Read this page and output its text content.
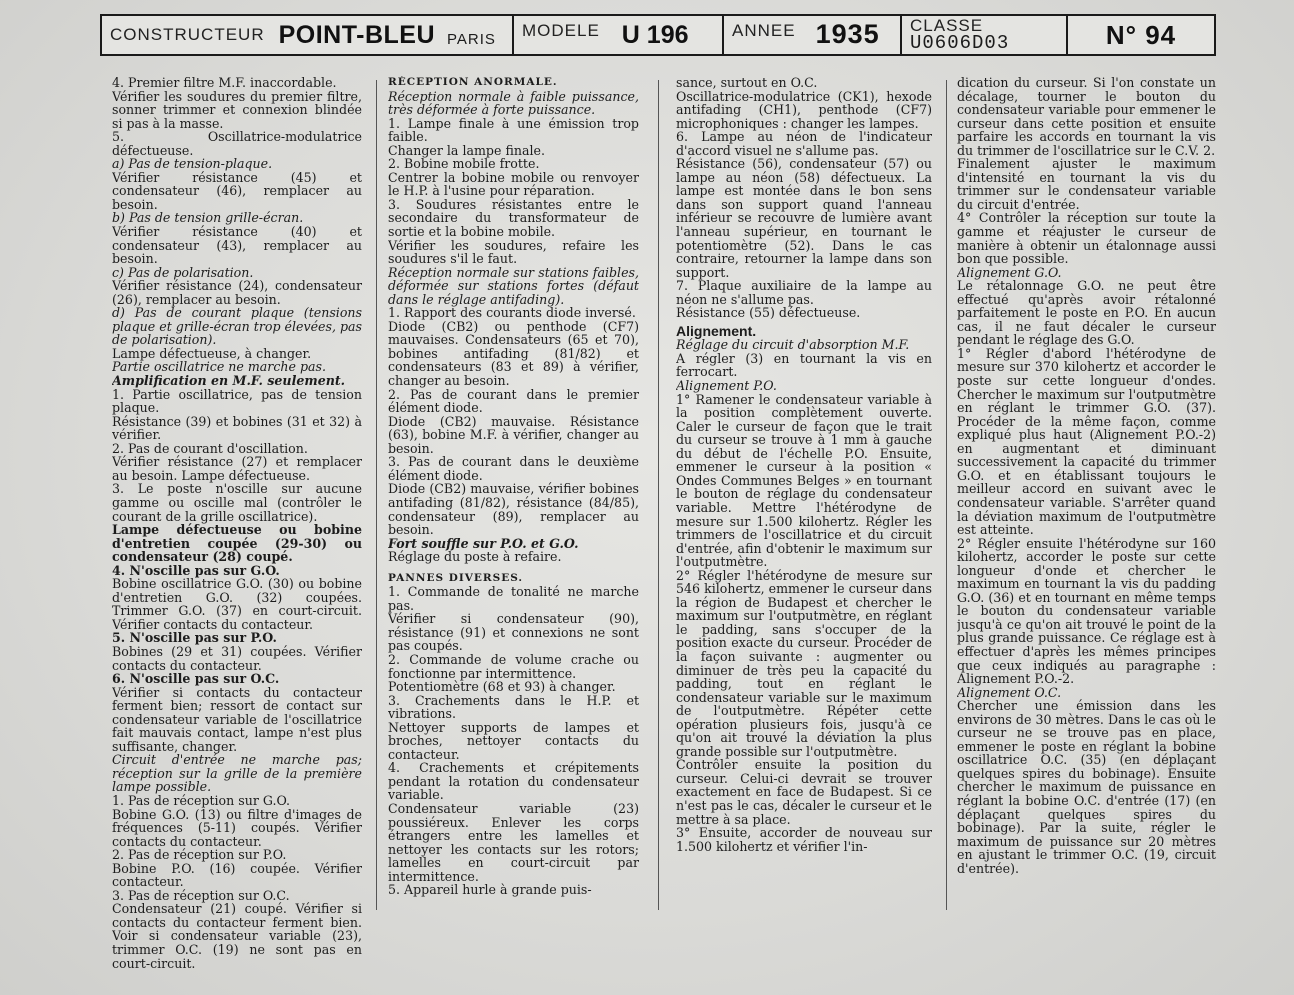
CONSTRUCTEUR POINT-BLEU PARIS MODELE U 196	ANNEE 1935 CLASSE
U0606D03	N° 94

4. Premier filtre M.F. inaccordable.

Vérifier les soudures du premier filtre, sonner trimmer et connexion blindée si pas à la masse.

5. Oscillatrice-modulatrice défectueuse.

a) Pas de tension-plaque.

Vérifier résistance (45) et condensateur (46), remplacer au besoin.

b) Pas de tension grille-écran.

Vérifier résistance (40) et condensateur (43), remplacer au besoin.

c) Pas de polarisation.

Vérifier résistance (24), condensateur (26), remplacer au besoin.

d) Pas de courant plaque (tensions plaque et grille-écran trop élevées, pas de polarisation).

Lampe défectueuse, à changer.

Partie oscillatrice ne marche pas.

Amplification en M.F. seulement.

1. Partie oscillatrice, pas de tension plaque.

Résistance (39) et bobines (31 et 32) à vérifier.

2. Pas de courant d'oscillation.

Vérifier résistance (27) et remplacer au besoin. Lampe défectueuse.

3. Le poste n'oscille sur aucune gamme ou oscille mal (contrôler le courant de la grille oscillatrice).

Lampe défectueuse ou bobine d'entretien coupée (29-30) ou condensateur (28) coupé.

4. N'oscille pas sur G.O.

Bobine oscillatrice G.O. (30) ou bobine d'entretien G.O. (32) coupées. Trimmer G.O. (37) en court-circuit. Vérifier contacts du contacteur.

5. N'oscille pas sur P.O.

Bobines (29 et 31) coupées. Vérifier contacts du contacteur.

6. N'oscille pas sur O.C.

Vérifier si contacts du contacteur ferment bien; ressort de contact sur condensateur variable de l'oscillatrice fait mauvais contact, lampe n'est plus suffisante, changer.

Circuit d'entrée ne marche pas; réception sur la grille de la première lampe possible.

1. Pas de réception sur G.O.

Bobine G.O. (13) ou filtre d'images de fréquences (5-11) coupés. Vérifier contacts du contacteur.

2. Pas de réception sur P.O.

Bobine P.O. (16) coupée. Vérifier contacteur.

3. Pas de réception sur O.C.

Condensateur (21) coupé. Vérifier si contacts du contacteur ferment bien. Voir si condensateur variable (23), trimmer O.C. (19) ne sont pas en court-circuit.

RÉCEPTION ANORMALE.

Réception normale à faible puissance, très déformée à forte puissance.

1. Lampe finale à une émission trop faible.

Changer la lampe finale.

2. Bobine mobile frotte.

Centrer la bobine mobile ou renvoyer le H.P. à l'usine pour réparation.

3. Soudures résistantes entre le secondaire du transformateur de sortie et la bobine mobile.

Vérifier les soudures, refaire les soudures s'il le faut.

Réception normale sur stations faibles, déformée sur stations fortes (défaut dans le réglage antifading).

1. Rapport des courants diode inversé.

Diode (CB2) ou penthode (CF7) mauvaises. Condensateurs (65 et 70), bobines antifading (81/82) et condensateurs (83 et 89) à vérifier, changer au besoin.

2. Pas de courant dans le premier élément diode.

Diode (CB2) mauvaise. Résistance (63), bobine M.F. à vérifier, changer au besoin.

3. Pas de courant dans le deuxième élément diode.

Diode (CB2) mauvaise, vérifier bobines antifading (81/82), résistance (84/85), condensateur (89), remplacer au besoin.

Fort souffle sur P.O. et G.O.

Réglage du poste à refaire.

PANNES DIVERSES.

1. Commande de tonalité ne marche pas.

Vérifier si condensateur (90), résistance (91) et connexions ne sont pas coupés.

2. Commande de volume crache ou fonctionne par intermittence.

Potentiomètre (68 et 93) à changer.

3. Crachements dans le H.P. et vibrations.

Nettoyer supports de lampes et broches, nettoyer contacts du contacteur.

4. Crachements et crépitements pendant la rotation du condensateur variable.

Condensateur variable (23) poussiéreux. Enlever les corps étrangers entre les lamelles et nettoyer les contacts sur les rotors; lamelles en court-circuit par intermittence.

5. Appareil hurle à grande puis-

sance, surtout en O.C.

Oscillatrice-modulatrice (CK1), hexode antifading (CH1), penthode (CF7) microphoniques : changer les lampes.

6. Lampe au néon de l'indicateur d'accord visuel ne s'allume pas.

Résistance (56), condensateur (57) ou lampe au néon (58) défectueux. La lampe est montée dans le bon sens dans son support quand l'anneau inférieur se recouvre de lumière avant l'anneau supérieur, en tournant le potentiomètre (52). Dans le cas contraire, retourner la lampe dans son support.

7. Plaque auxiliaire de la lampe au néon ne s'allume pas.

Résistance (55) défectueuse.

Alignement.

Réglage du circuit d'absorption M.F.

A régler (3) en tournant la vis en ferrocart.

Alignement P.O.

1° Ramener le condensateur variable à la position complètement ouverte. Caler le curseur de façon que le trait du curseur se trouve à 1 mm à gauche du début de l'échelle P.O. Ensuite, emmener le curseur à la position « Ondes Communes Belges » en tournant le bouton de réglage du condensateur variable. Mettre l'hétérodyne de mesure sur 1.500 kilohertz. Régler les trimmers de l'oscillatrice et du circuit d'entrée, afin d'obtenir le maximum sur l'outputmètre.

2° Régler l'hétérodyne de mesure sur 546 kilohertz, emmener le curseur dans la région de Budapest et chercher le maximum sur l'outputmètre, en réglant le padding, sans s'occuper de la position exacte du curseur. Procéder de la façon suivante : augmenter ou diminuer de très peu la capacité du padding, tout en réglant le condensateur variable sur le maximum de l'outputmètre. Répéter cette opération plusieurs fois, jusqu'à ce qu'on ait trouvé la déviation la plus grande possible sur l'outputmètre.

Contrôler ensuite la position du curseur. Celui-ci devrait se trouver exactement en face de Budapest. Si ce n'est pas le cas, décaler le curseur et le mettre à sa place.

3° Ensuite, accorder de nouveau sur 1.500 kilohertz et vérifier l'in-

dication du curseur. Si l'on constate un décalage, tourner le bouton du condensateur variable pour emmener le curseur dans cette position et ensuite parfaire les accords en tournant la vis du trimmer de l'oscillatrice sur le C.V. 2.

Finalement ajuster le maximum d'intensité en tournant la vis du trimmer sur le condensateur variable du circuit d'entrée.

4° Contrôler la réception sur toute la gamme et réajuster le curseur de manière à obtenir un étalonnage aussi bon que possible.

Alignement G.O.

Le rétalonnage G.O. ne peut être effectué qu'après avoir rétalonné parfaitement le poste en P.O. En aucun cas, il ne faut décaler le curseur pendant le réglage des G.O.

1° Régler d'abord l'hétérodyne de mesure sur 370 kilohertz et accorder le poste sur cette longueur d'ondes. Chercher le maximum sur l'outputmètre en réglant le trimmer G.O. (37). Procéder de la même façon, comme expliqué plus haut (Alignement P.O.-2) en augmentant et diminuant successivement la capacité du trimmer G.O. et en établissant toujours le meilleur accord en suivant avec le condensateur variable. S'arrêter quand la déviation maximum de l'outputmètre est atteinte.

2° Régler ensuite l'hétérodyne sur 160 kilohertz, accorder le poste sur cette longueur d'onde et chercher le maximum en tournant la vis du padding G.O. (36) et en tournant en même temps le bouton du condensateur variable jusqu'à ce qu'on ait trouvé le point de la plus grande puissance. Ce réglage est à effectuer d'après les mêmes principes que ceux indiqués au paragraphe : Alignement P.O.-2.

Alignement O.C.

Chercher une émission dans les environs de 30 mètres. Dans le cas où le curseur ne se trouve pas en place, emmener le poste en réglant la bobine oscillatrice O.C. (35) (en déplaçant quelques spires du bobinage). Ensuite chercher le maximum de puissance en réglant la bobine O.C. d'entrée (17) (en déplaçant quelques spires du bobinage). Par la suite, régler le maximum de puissance sur 20 mètres en ajustant le trimmer O.C. (19, circuit d'entrée).
